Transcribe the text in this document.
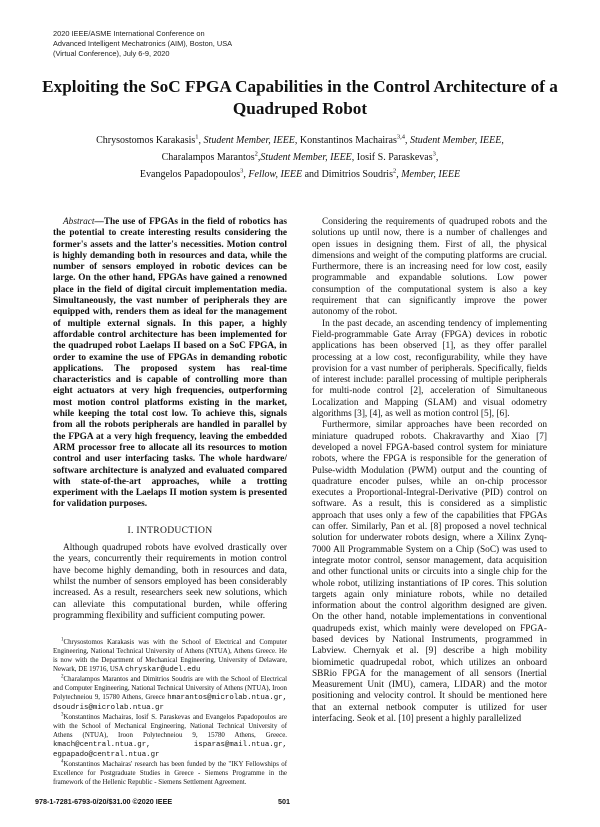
2020 IEEE/ASME International Conference on
Advanced Intelligent Mechatronics (AIM), Boston, USA
(Virtual Conference), July 6-9, 2020
Exploiting the SoC FPGA Capabilities in the Control Architecture of a Quadruped Robot
Chrysostomos Karakasis$^1$, Student Member, IEEE, Konstantinos Machairas$^{3,4}$, Student Member, IEEE,
Charalampos Marantos$^2$,Student Member, IEEE, Iosif S. Paraskevas$^3$,
Evangelos Papadopoulos$^3$, Fellow, IEEE and Dimitrios Soudris$^2$, Member, IEEE

Abstract—The use of FPGAs in the field of robotics has the potential to create interesting results considering the former's assets and the latter's necessities. Motion control is highly demanding both in resources and data, while the number of sensors employed in robotic devices can be large. On the other hand, FPGAs have gained a renowned place in the field of digital circuit implementation media. Simultaneously, the vast number of peripherals they are equipped with, renders them as ideal for the management of multiple external signals. In this paper, a highly affordable control architecture has been implemented for the quadruped robot Laelaps II based on a SoC FPGA, in order to examine the use of FPGAs in demanding robotic applications. The proposed system has real-time characteristics and is capable of controlling more than eight actuators at very high frequencies, outperforming most motion control platforms existing in the market, while keeping the total cost low. To achieve this, signals from all the robots peripherals are handled in parallel by the FPGA at a very high frequency, leaving the embedded ARM processor free to allocate all its resources to motion control and user interfacing tasks. The whole hardware/ software architecture is analyzed and evaluated compared with state-of-the-art approaches, while a trotting experiment with the Laelaps II motion system is presented for validation purposes.

I. INTRODUCTION

Although quadruped robots have evolved drastically over the years, concurrently their requirements in motion control have become highly demanding, both in resources and data, whilst the number of sensors employed has been considerably increased. As a result, researchers seek new solutions, which can alleviate this computational burden, while offering programming flexibility and sufficient computing power.

$^1$Chrysostomos Karakasis was with the School of Electrical and Computer Engineering, National Technical University of Athens (NTUA), Athens Greece. He is now with the Department of Mechanical Engineering, University of Delaware, Newark, DE 19716, USA chryskar@udel.edu

$^2$Charalampos Marantos and Dimitrios Soudris are with the School of Electrical and Computer Engineering, National Technical University of Athens (NTUA), Iroon Polytechneiou 9, 15780 Athens, Greece hmarantos@microlab.ntua.gr, dsoudris@microlab.ntua.gr

$^3$Konstantinos Machairas, Iosif S. Paraskevas and Evangelos Papadopoulos are with the School of Mechanical Engineering, National Technical University of Athens (NTUA), Iroon Polytechneiou 9, 15780 Athens, Greece. kmach@central.ntua.gr, isparas@mail.ntua.gr, egpapado@central.ntua.gr

$^4$Konstantinos Machairas' research has been funded by the "IKY Fellowships of Excellence for Postgraduate Studies in Greece - Siemens Programme in the framework of the Hellenic Republic - Siemens Settlement Agreement.

Considering the requirements of quadruped robots and the solutions up until now, there is a number of challenges and open issues in designing them. First of all, the physical dimensions and weight of the computing platforms are crucial. Furthermore, there is an increasing need for low cost, easily programmable and expandable solutions. Low power consumption of the computational system is also a key requirement that can significantly improve the power autonomy of the robot.

In the past decade, an ascending tendency of implementing Field-programmable Gate Array (FPGA) devices in robotic applications has been observed [1], as they offer parallel processing at a low cost, reconfigurability, while they have provision for a vast number of peripherals. Specifically, fields of interest include: parallel processing of multiple peripherals for multi-node control [2], acceleration of Simultaneous Localization and Mapping (SLAM) and visual odometry algorithms [3], [4], as well as motion control [5], [6].

Furthermore, similar approaches have been recorded on miniature quadruped robots. Chakravarthy and Xiao [7] developed a novel FPGA-based control system for miniature robots, where the FPGA is responsible for the generation of Pulse-width Modulation (PWM) output and the counting of quadrature encoder pulses, while an on-chip processor executes a Proportional-Integral-Derivative (PID) control on software. As a result, this is considered as a simplistic approach that uses only a few of the capabilities that FPGAs can offer. Similarly, Pan et al. [8] proposed a novel technical solution for underwater robots design, where a Xilinx Zynq-7000 All Programmable System on a Chip (SoC) was used to integrate motor control, sensor management, data acquisition and other functional units or circuits into a single chip for the whole robot, utilizing instantiations of IP cores. This solution targets again only miniature robots, while no detailed information about the control algorithm designed are given. On the other hand, notable implementations in conventional quadrupeds exist, which mainly were developed on FPGA-based devices by National Instruments, programmed in Labview. Chernyak et al. [9] describe a high mobility biomimetic quadrupedal robot, which utilizes an onboard SBRio FPGA for the management of all sensors (Inertial Measurement Unit (IMU), camera, LIDAR) and the motor positioning and velocity control. It should be mentioned here that an external netbook computer is utilized for user interfacing. Seok et al. [10] present a highly parallelized

978-1-7281-6793-0/20/$31.00 ©2020 IEEE	501
